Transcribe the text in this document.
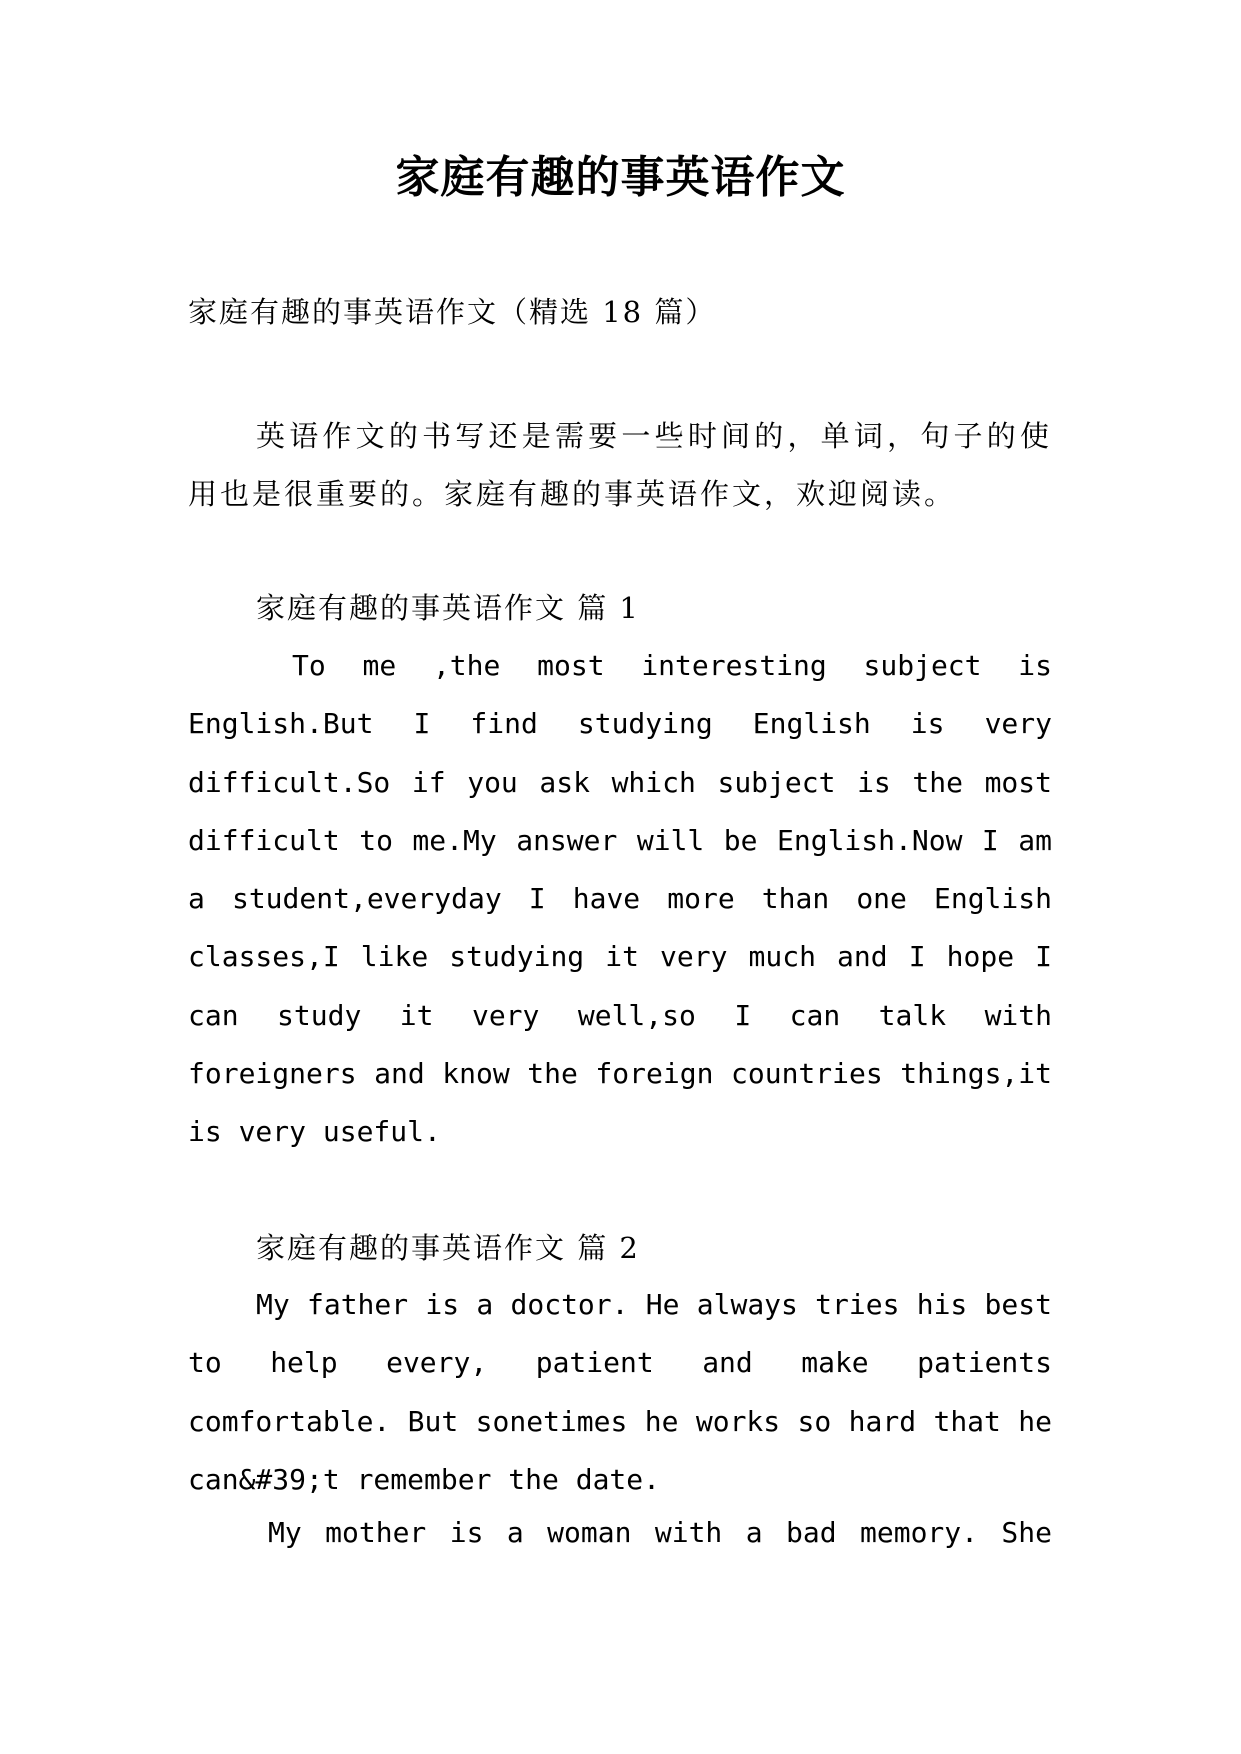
家庭有趣的事英语作文
家庭有趣的事英语作文（精选 18 篇）
英语作文的书写还是需要一些时间的，单词，句子的使用也是很重要的。家庭有趣的事英语作文，欢迎阅读。
家庭有趣的事英语作文 篇 1
To me ,the most interesting subject is English.But I find studying English is very difficult.So if you ask which subject is the most difficult to me.My answer will be English.Now I am a student,everyday I have more than one English classes,I like studying it very much and I hope I can study it very well,so I can talk with foreigners and know the foreign countries things,it is very useful.
家庭有趣的事英语作文 篇 2
My father is a doctor. He always tries his best to help every, patient and make patients comfortable. But sonetimes he works so hard that he can&#39;t remember the date.
My mother is a woman with a bad memory. She
